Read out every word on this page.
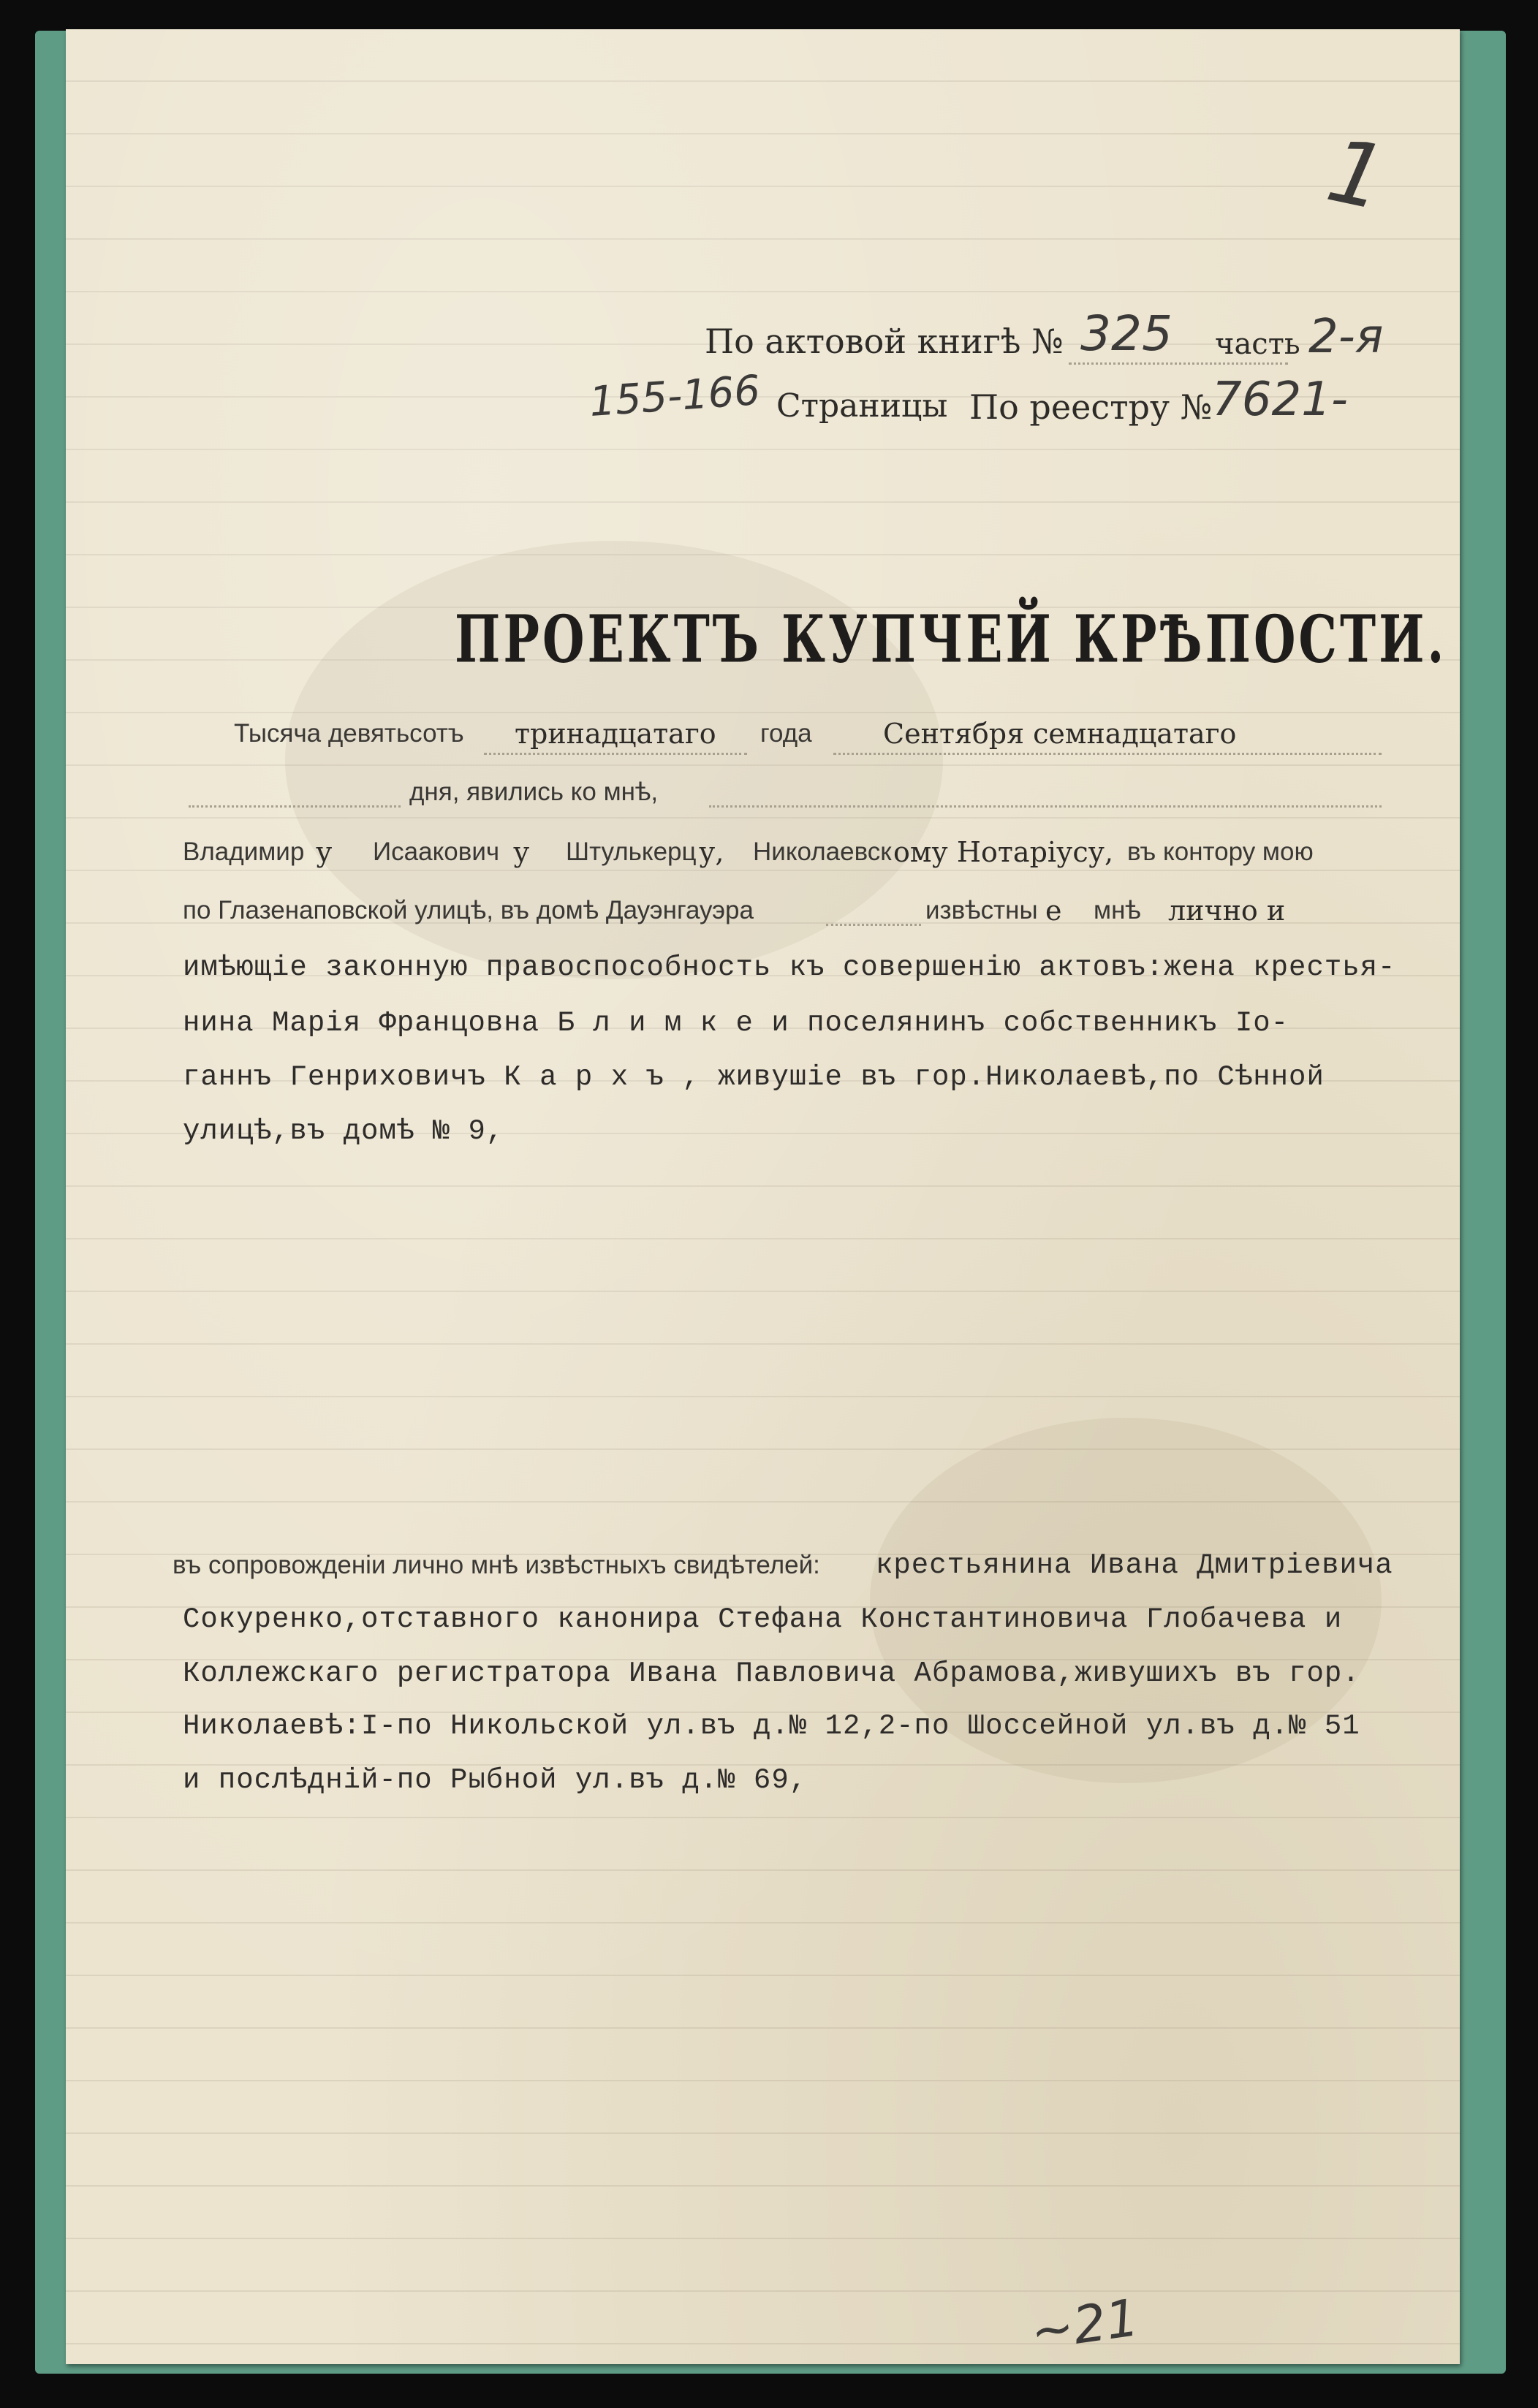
1
По актовой книгѣ № 325 часть 2-я
155-166 Страницы По реестру № 7621-
ПРОЕКТЪ КУПЧЕЙ КРѢПОСТИ.
Тысяча девятьсотъ тринадцатаго года	Сентября семнадцатаго
дня, явились ко мнѣ,
Владимир у Исаакович у Штулькерц у, Николаевск ому Нотаріусу, въ контору мою
по Глазенаповской улицѣ, въ домѣ Дауэнгауэра	извѣстны е мнѣ лично и
имѣющіе законную правоспособность къ совершенію актовъ:жена крестья-
нина Марія Францовна Б л и м к е и поселянинъ собственникъ Іо-
ганнъ Генриховичъ К а р х ъ , живушіе въ гор.Николаевѣ,по Сѣнной
улицѣ,въ домѣ № 9,
въ сопровожденіи лично мнѣ извѣстныхъ свидѣтелей: крестьянина Ивана Дмитріевича
Сокуренко,отставного канонира Стефана Константиновича Глобачева и
Коллежскаго регистратора Ивана Павловича Абрамова,живушихъ въ гор.
Николаевѣ:І-по Никольской ул.въ д.№ 12,2-по Шоссейной ул.въ д.№ 51
и послѣдній-по Рыбной ул.въ д.№ 69,
~21
